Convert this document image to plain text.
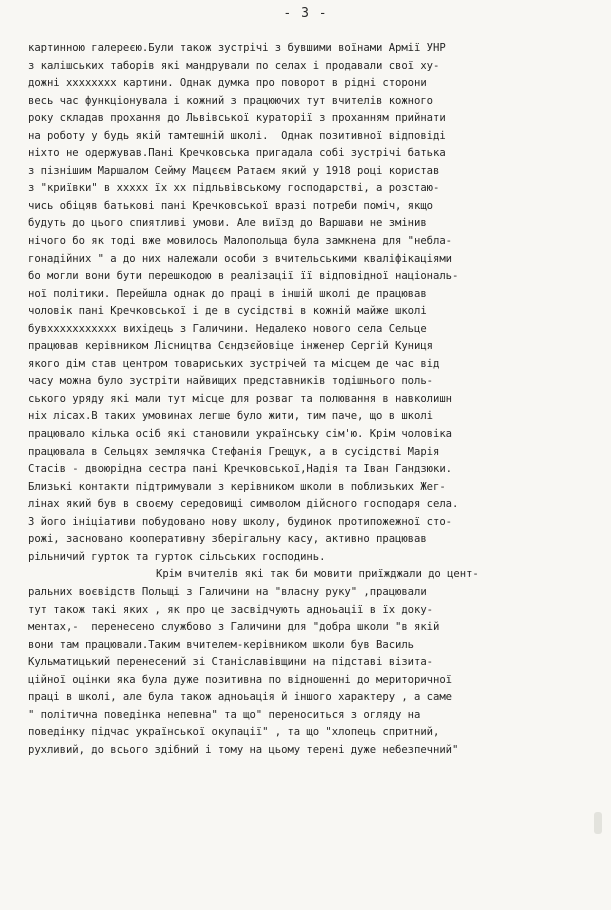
- 3 -
картинною галереєю.Були також зустрічі з бувшими воїнами Армії УНР
з калішських таборів які мандрували по селах і продавали свої ху-
дожні xxxxxxxx картини. Однак думка про поворот в рідні сторони
весь час функціонувала і кожний з працюючих тут вчителів кожного
року складав прохання до Львівської кураторії з проханням прийнати
на роботу у будь якій тамтешній школі.  Однак позитивної відповіді
ніхто не одержував.Пані Кречковська пригадала собі зустрічі батька
з пізнішим Маршалом Сейму Мацєєм Ратаєм який у 1918 році користав
з "криївки" в xxxxx їх xx підльвівському господарстві, а розстаю-
чись обіцяв батькові пані Кречковської вразі потреби поміч, якщо
будуть до цього спиятливі умови. Але виїзд до Варшави не змінив
нічого бо як тоді вже мовилось Малопольща була замкнена для "небла-
гонадійних " а до них належали особи з вчительськими кваліфікаціями
бо могли вони бути перешкодою в реалізації її відповідної національ-
ної політики. Перейшла однак до праці в іншій школі де працював
чоловік пані Кречковської і де в сусідстві в кожній майже школі
бувxxxxxxxxxxx вихідець з Галичини. Недалеко нового села Сельце
працював керівником Лісництва Сєндзєйовіце інженер Сергій Куниця
якого дім став центром товариських зустрічей та місцем де час від
часу можна було зустріти найвищих представників тодішнього поль-
ського уряду які мали тут місце для розваг та полювання в навколишн
ніх лісах.В таких умовинах легше було жити, тим паче, що в школі
працювало кілька осіб які становили українську сім'ю. Крім чоловіка
працювала в Сельцях землячка Стефанія Грещук, а в сусідстві Марія
Стасів - двоюрідна сестра пані Кречковської,Надія та Іван Гандзюки.
Близькі контакти підтримували з керівником школи в поблизьких Жег-
лінах який був в своєму середовищі символом дійсного господаря села.
З його ініціативи побудовано нову школу, будинок протипожежної сто-
рожі, засновано кооперативну зберігальну касу, активно працював
рільничий гурток та гурток сільських господинь.
Крім вчителів які так би мовити приїжджали до цент-
ральних воєвідств Польщі з Галичини на "власну руку" ,працювали
тут також такі яких , як про це засвідчують адноьації в їх доку-
ментах,-  перенесено службово з Галичини для "добра школи "в якій
вони там працювали.Таким вчителем-керівником школи був Василь
Кульматицький перенесений зі Станіславівщини на підставі візита-
ційної оцінки яка була дуже позитивна по відношенні до мериторичної
праці в школі, але була також адноьація й іншого характеру , а саме
" політична поведінка непевна" та що" переноситься з огляду на
поведінку підчас української окупації" , та що "хлопець спритний,
рухливий, до всього здібний і тому на цьому терені дуже небезпечний"
